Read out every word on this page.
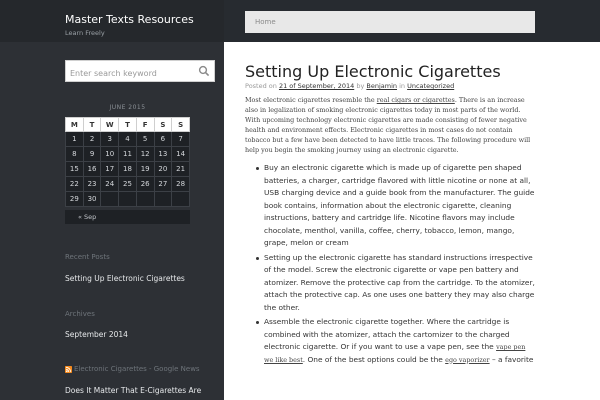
Master Texts Resources
Learn Freely
Enter search keyword
JUNE 2015
M	T	W	T	F	S	S
1	2	3	4	5	6	7
8	9	10	11	12	13	14
15	16	17	18	19	20	21
22	23	24	25	26	27	28
29	30					
« Sep
Recent Posts
Setting Up Electronic Cigarettes
Archives
September 2014
Electronic Cigarettes - Google News
Does It Matter That E-Cigarettes Are
Home
Setting Up Electronic Cigarettes
Posted on 21 of September, 2014 by Benjamin in Uncategorized
Most electronic cigarettes resemble the real cigars or cigarettes. There is an increase also in legalization of smoking electronic cigarettes today in most parts of the world. With upcoming technology electronic cigarettes are made consisting of fewer negative health and environment effects. Electronic cigarettes in most cases do not contain tobacco but a few have been detected to have little traces. The following procedure will help you begin the smoking journey using an electronic cigarette.
Buy an electronic cigarette which is made up of cigarette pen shaped batteries, a charger, cartridge flavored with little nicotine or none at all, USB charging device and a guide book from the manufacturer. The guide book contains, information about the electronic cigarette, cleaning instructions, battery and cartridge life. Nicotine flavors may include chocolate, menthol, vanilla, coffee, cherry, tobacco, lemon, mango, grape, melon or cream
Setting up the electronic cigarette has standard instructions irrespective of the model. Screw the electronic cigarette or vape pen battery and atomizer. Remove the protective cap from the cartridge. To the atomizer, attach the protective cap. As one uses one battery they may also charge the other.
Assemble the electronic cigarette together. Where the cartridge is combined with the atomizer, attach the cartomizer to the charged electronic cigarette. Or if you want to use a vape pen, see the vape pen we like best. One of the best options could be the ego vaporizer – a favorite
